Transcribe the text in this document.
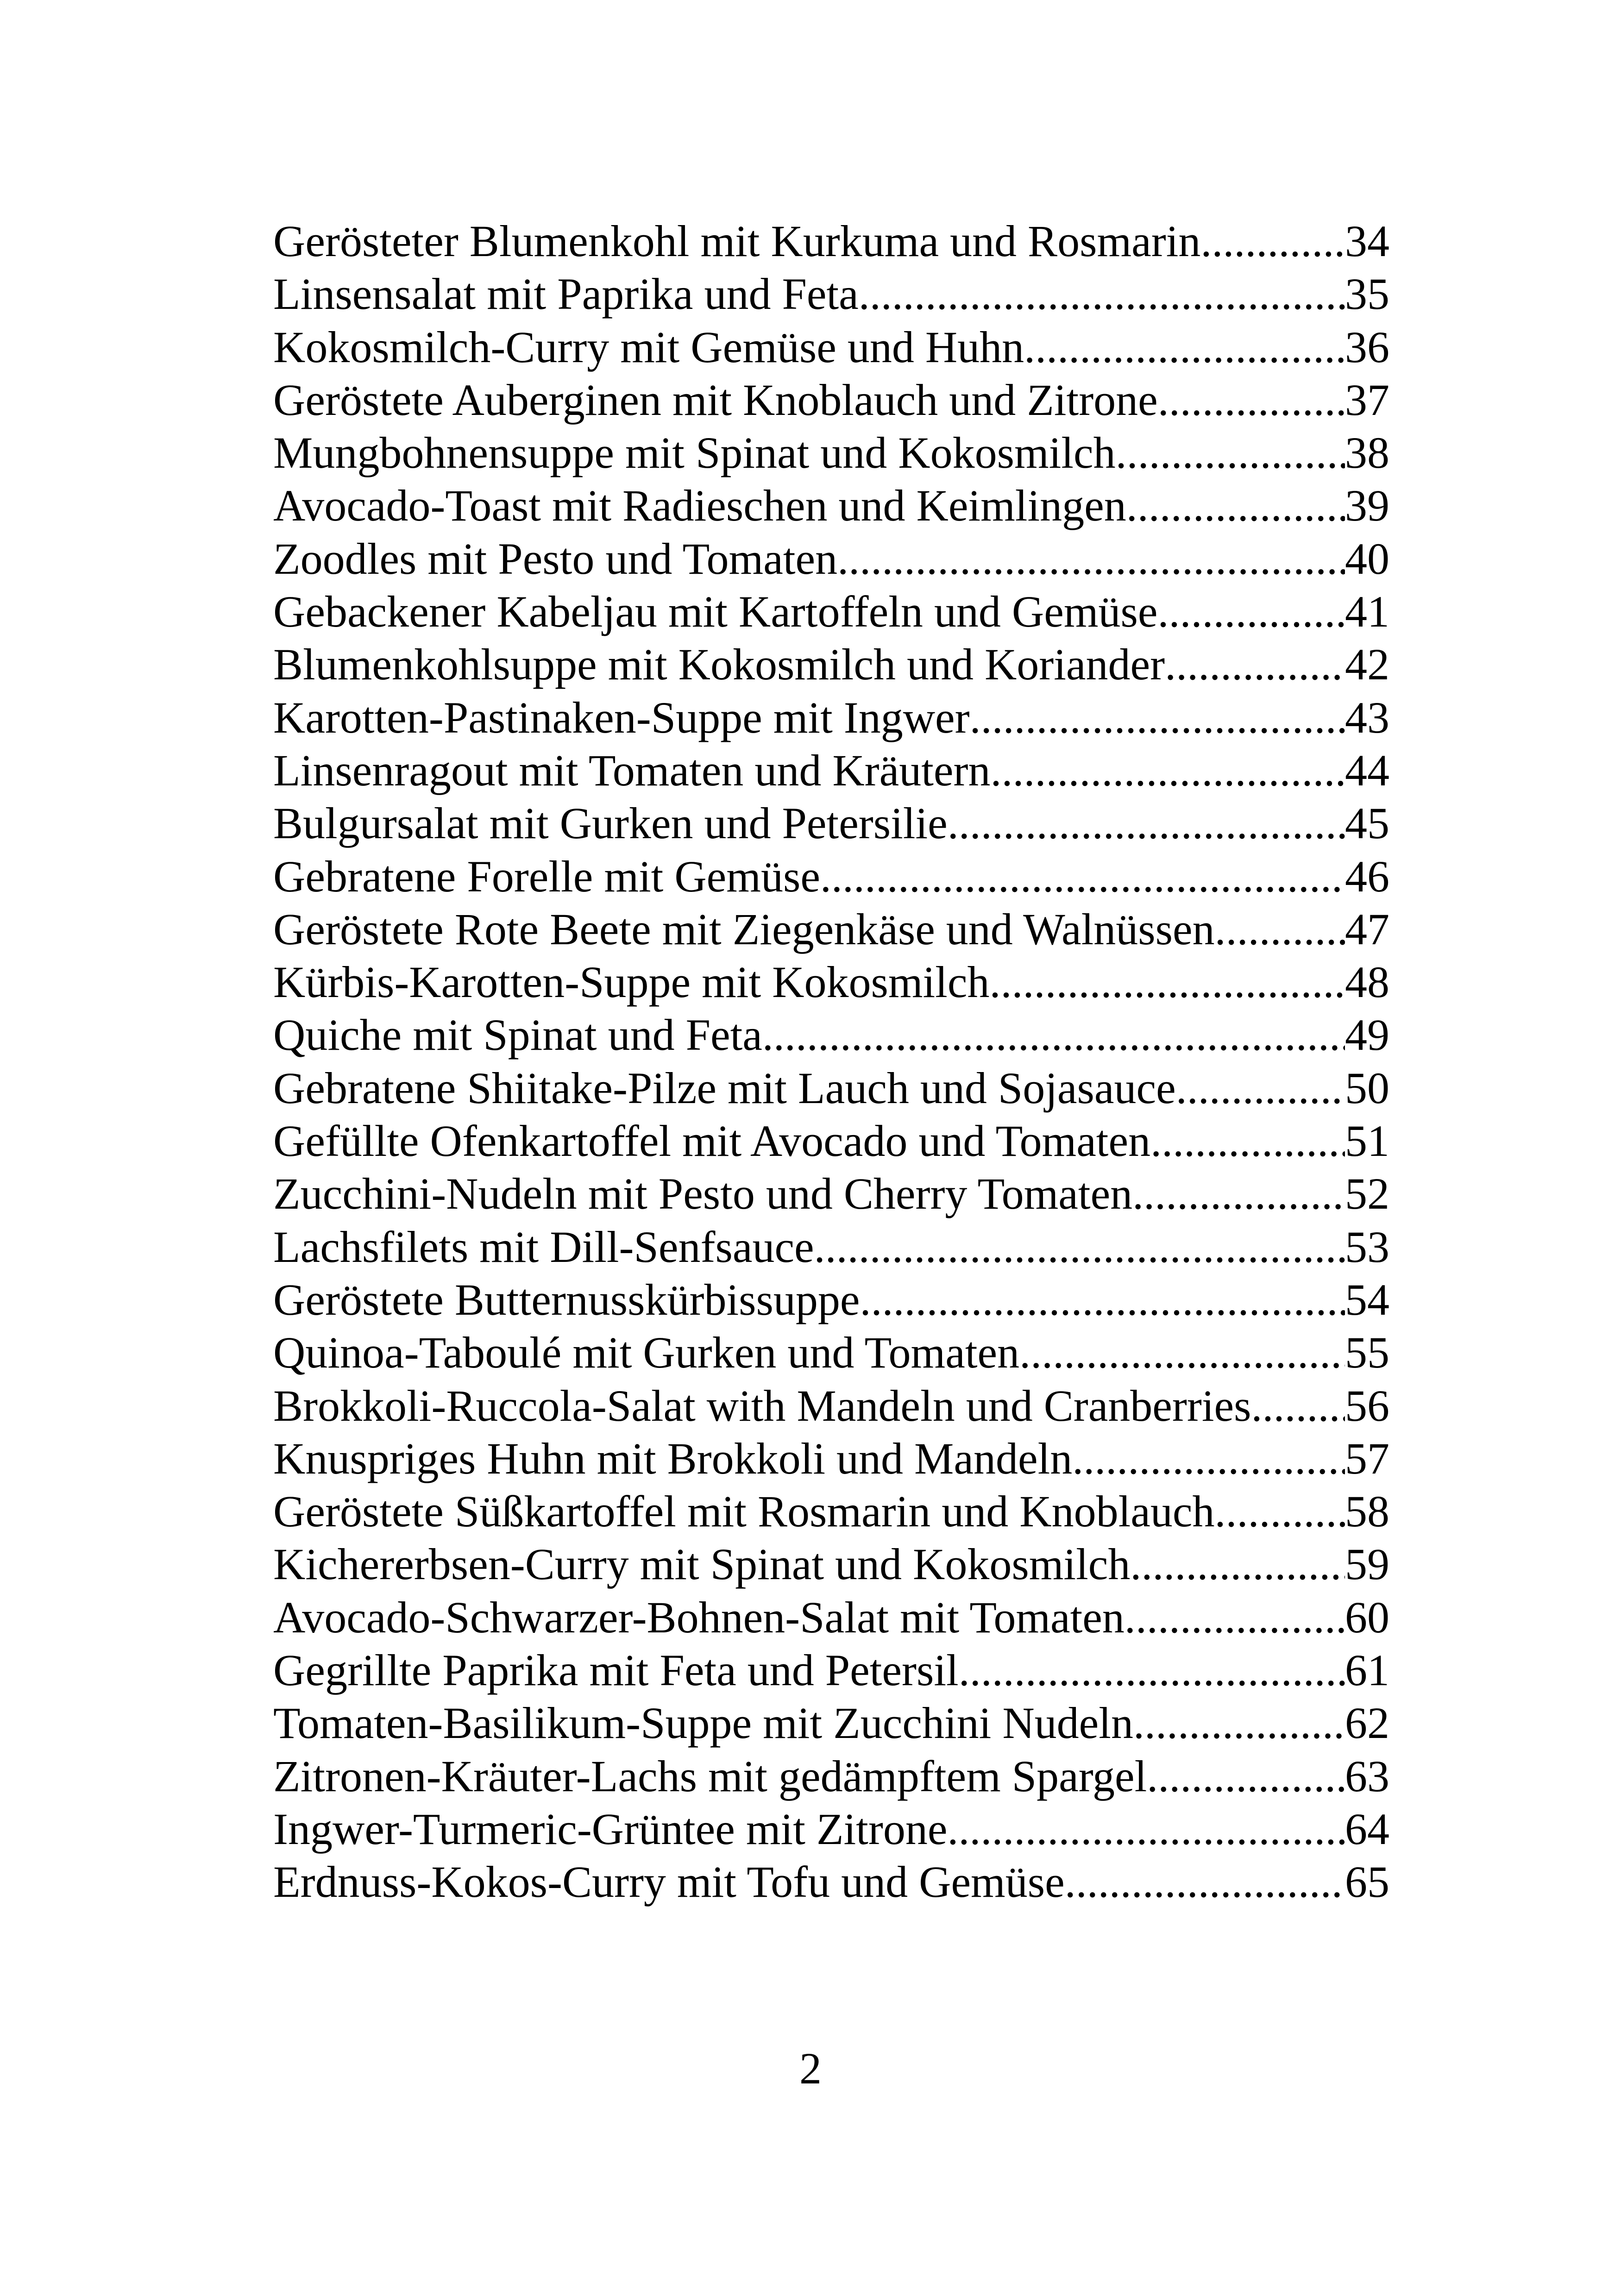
Gerösteter Blumenkohl mit Kurkuma und Rosmarin .....	34
Linsensalat mit Paprika und Feta .....	35
Kokosmilch-Curry mit Gemüse und Huhn .....	36
Geröstete Auberginen mit Knoblauch und Zitrone .....	37
Mungbohnensuppe mit Spinat und Kokosmilch .....	38
Avocado-Toast mit Radieschen und Keimlingen .....	39
Zoodles mit Pesto und Tomaten .....	40
Gebackener Kabeljau mit Kartoffeln und Gemüse .....	41
Blumenkohlsuppe mit Kokosmilch und Koriander .....	42
Karotten-Pastinaken-Suppe mit Ingwer .....	43
Linsenragout mit Tomaten und Kräutern .....	44
Bulgursalat mit Gurken und Petersilie .....	45
Gebratene Forelle mit Gemüse .....	46
Geröstete Rote Beete mit Ziegenkäse und Walnüssen .....	47
Kürbis-Karotten-Suppe mit Kokosmilch .....	48
Quiche mit Spinat und Feta .....	49
Gebratene Shiitake-Pilze mit Lauch und Sojasauce .....	50
Gefüllte Ofenkartoffel mit Avocado und Tomaten .....	51
Zucchini-Nudeln mit Pesto und Cherry Tomaten .....	52
Lachsfilets mit Dill-Senfsauce .....	53
Geröstete Butternusskürbissuppe .....	54
Quinoa-Taboulé mit Gurken und Tomaten .....	55
Brokkoli-Ruccola-Salat with Mandeln und Cranberries ..... 56
Knuspriges Huhn mit Brokkoli und Mandeln .....	57
Geröstete Süßkartoffel mit Rosmarin und Knoblauch .....	58
Kichererbsen-Curry mit Spinat und Kokosmilch .....	59
Avocado-Schwarzer-Bohnen-Salat mit Tomaten .....	60
Gegrillte Paprika mit Feta und Petersil .....	61
Tomaten-Basilikum-Suppe mit Zucchini Nudeln .....	62
Zitronen-Kräuter-Lachs mit gedämpftem Spargel .....	63
Ingwer-Turmeric-Grüntee mit Zitrone .....	64
Erdnuss-Kokos-Curry mit Tofu und Gemüse .....	65
2
